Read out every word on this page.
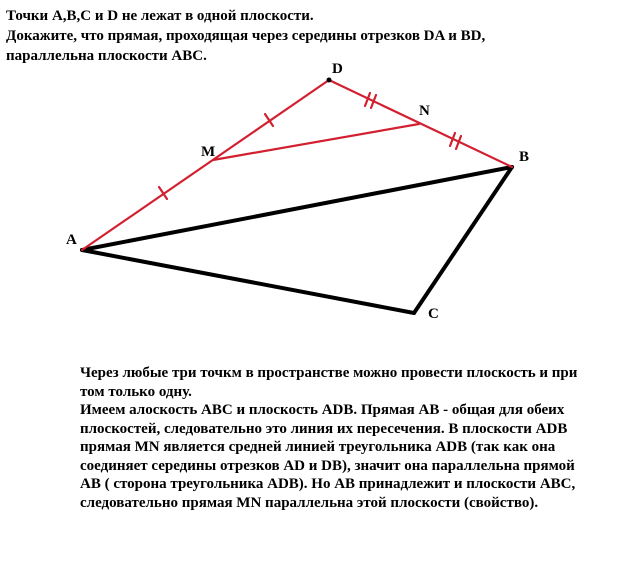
Точки A,B,C и D не лежат в одной плоскости.
Докажите, что прямая, проходящая через середины отрезков DA и BD,
параллельна плоскости ABC.
A
B
C
D
M
N
Через любые три точкм в пространстве можно провести плоскость и при
том только одну.
Имеем алоскость ABC и плоскость ADB. Прямая AB - общая для обеих
плоскостей, следовательно это линия их пересечения. В плоскости ADB
прямая MN является средней линией треугольника ADB (так как она
соединяет середины отрезков AD и DB), значит она параллельна прямой
AB ( сторона треугольника ADB). Но AB принадлежит и плоскости ABC,
следовательно прямая MN параллельна этой плоскости (свойство).
